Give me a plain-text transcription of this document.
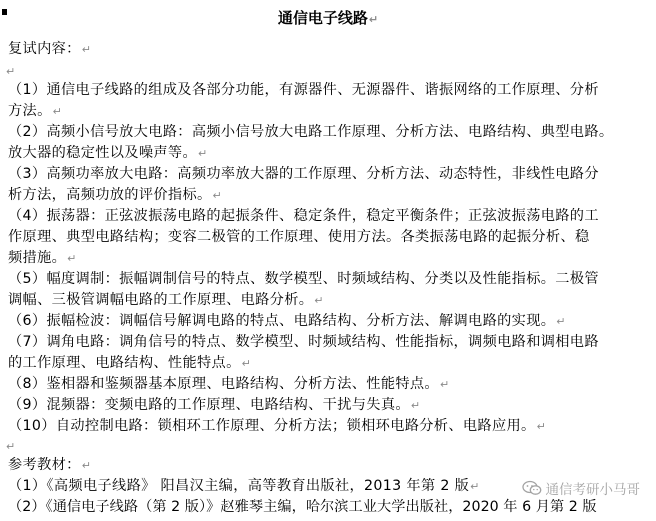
通信电子线路↵
复试内容：↵
↵
（1）通信电子线路的组成及各部分功能，有源器件、无源器件、谐振网络的工作原理、分析
方法。↵
（2）高频小信号放大电路：高频小信号放大电路工作原理、分析方法、电路结构、典型电路。
放大器的稳定性以及噪声等。↵
（3）高频功率放大电路：高频功率放大器的工作原理、分析方法、动态特性，非线性电路分
析方法，高频功放的评价指标。↵
（4）振荡器：正弦波振荡电路的起振条件、稳定条件，稳定平衡条件；正弦波振荡电路的工
作原理、典型电路结构；变容二极管的工作原理、使用方法。各类振荡电路的起振分析、稳
频措施。↵
（5）幅度调制：振幅调制信号的特点、数学模型、时频域结构、分类以及性能指标。二极管
调幅、三极管调幅电路的工作原理、电路分析。↵
（6）振幅检波：调幅信号解调电路的特点、电路结构、分析方法、解调电路的实现。↵
（7）调角电路：调角信号的特点、数学模型、时频域结构、性能指标，调频电路和调相电路
的工作原理、电路结构、性能特点。↵
（8）鉴相器和鉴频器基本原理、电路结构、分析方法、性能特点。↵
（9）混频器：变频电路的工作原理、电路结构、干扰与失真。↵
（10）自动控制电路：锁相环工作原理、分析方法；锁相环电路分析、电路应用。↵
↵
参考教材：↵
（1）《高频电子线路》 阳昌汉主编，高等教育出版社，2013 年第 2 版↵
（2）《通信电子线路（第 2 版）》赵雅琴主编，哈尔滨工业大学出版社，2020 年 6 月第 2 版
通信考研小马哥
